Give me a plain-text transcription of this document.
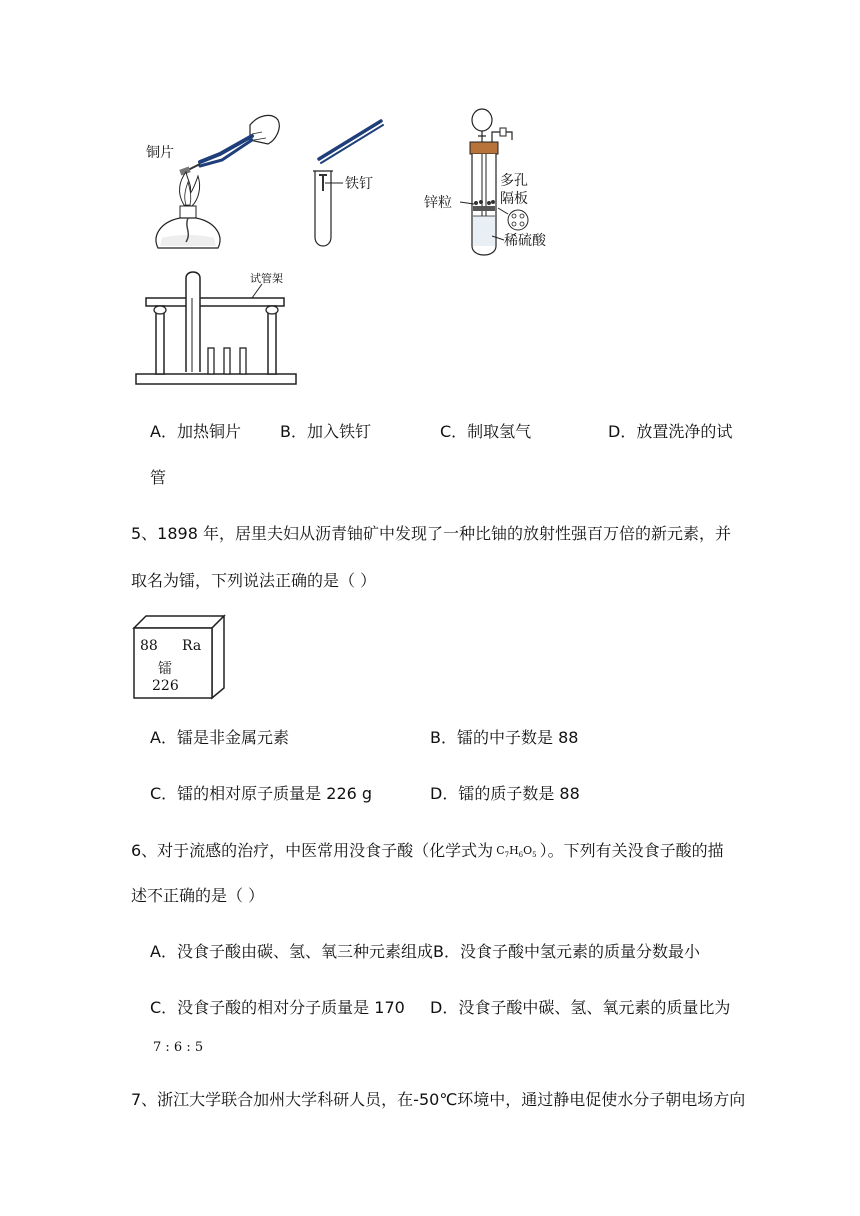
铜片
铁钉
锌粒
多孔
隔板
稀硫酸
试管架
A．加热铜片 B．加入铁钉	C．制取氢气	D．放置洗净的试
管
5、1898 年，居里夫妇从沥青铀矿中发现了一种比铀的放射性强百万倍的新元素，并
取名为镭，下列说法正确的是（ ）
88 Ra
镭
226
A．镭是非金属元素	B．镭的中子数是 88
C．镭的相对原子质量是 226 g	D．镭的质子数是 88
6、对于流感的治疗，中医常用没食子酸（化学式为 $C_7H_6O_5$ ）。下列有关没食子酸的描
述不正确的是（ ）
A．没食子酸由碳、氢、氧三种元素组成 B．没食子酸中氢元素的质量分数最小
C．没食子酸的相对分子质量是 170 D．没食子酸中碳、氢、氧元素的质量比为
7 : 6 : 5
7、浙江大学联合加州大学科研人员，在-50℃环境中，通过静电促使水分子朝电场方向
